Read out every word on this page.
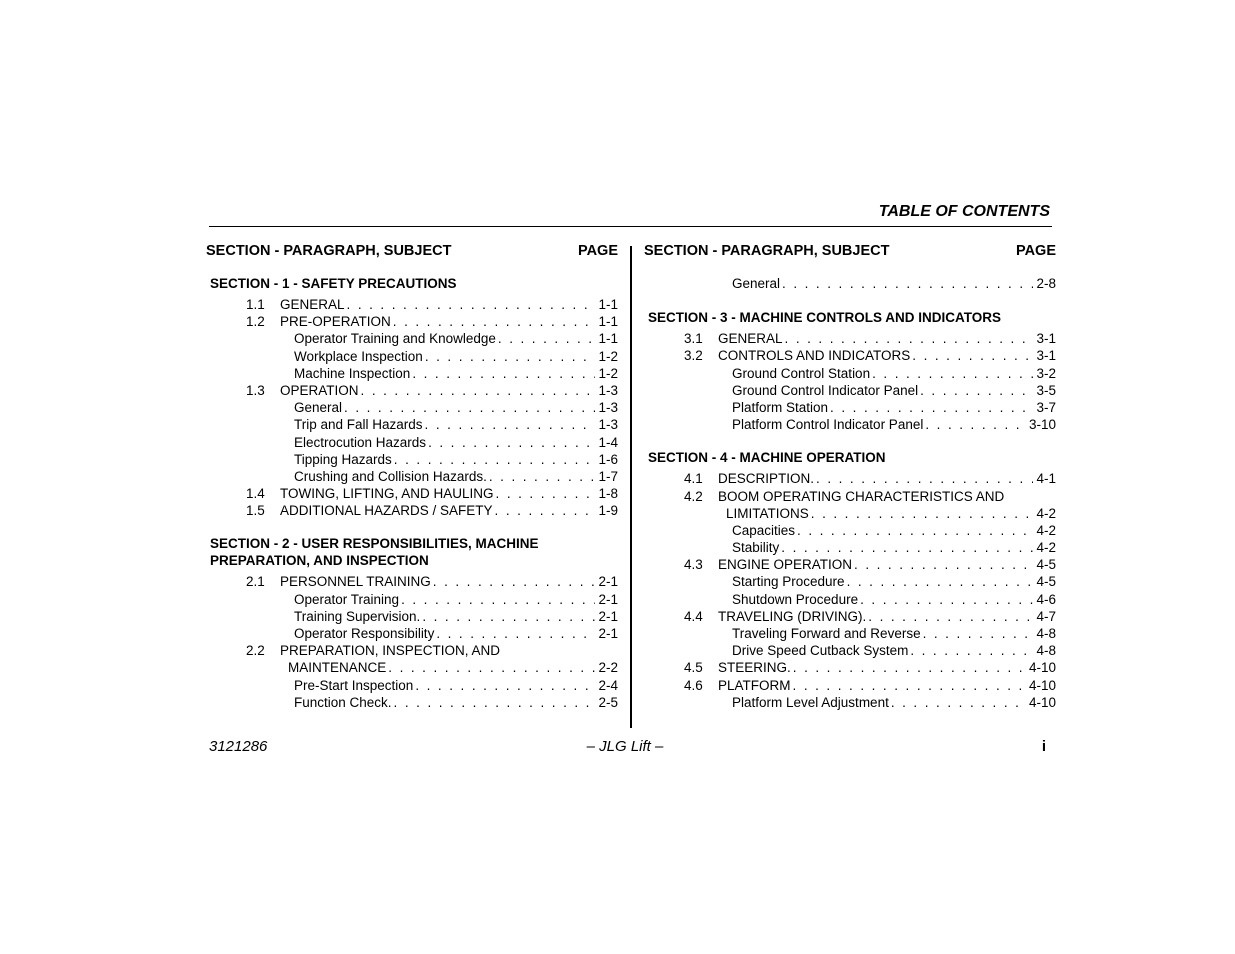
TABLE OF CONTENTS
SECTION - PARAGRAPH, SUBJECT	PAGE
SECTION - 1 - SAFETY PRECAUTIONS
1.1 GENERAL . . .	1-1
1.2 PRE-OPERATION . . .	1-1
Operator Training and Knowledge . . .	1-1
Workplace Inspection . . .	1-2
Machine Inspection . . .	1-2
1.3 OPERATION . . .	1-3
General . . .	1-3
Trip and Fall Hazards . . .	1-3
Electrocution Hazards . . .	1-4
Tipping Hazards . . .	1-6
Crushing and Collision Hazards. . . .	1-7
1.4 TOWING, LIFTING, AND HAULING . . .	1-8
1.5 ADDITIONAL HAZARDS / SAFETY . . .	1-9
SECTION - 2 - USER RESPONSIBILITIES, MACHINE
PREPARATION, AND INSPECTION
2.1 PERSONNEL TRAINING . . .	2-1
Operator Training . . .	2-1
Training Supervision. . . .	2-1
Operator Responsibility . . .	2-1
2.2 PREPARATION, INSPECTION, AND
MAINTENANCE . . .	2-2
Pre-Start Inspection . . .	2-4
Function Check. . . .	2-5
SECTION - PARAGRAPH, SUBJECT	PAGE
General . . .	2-8
SECTION - 3 - MACHINE CONTROLS AND INDICATORS
3.1 GENERAL . . .	3-1
3.2 CONTROLS AND INDICATORS . . .	3-1
Ground Control Station . . .	3-2
Ground Control Indicator Panel . . .	3-5
Platform Station . . .	3-7
Platform Control Indicator Panel . . .	3-10
SECTION - 4 - MACHINE OPERATION
4.1 DESCRIPTION. . . .	4-1
4.2 BOOM OPERATING CHARACTERISTICS AND
LIMITATIONS . . .	4-2
Capacities . . .	4-2
Stability . . .	4-2
4.3 ENGINE OPERATION . . .	4-5
Starting Procedure . . .	4-5
Shutdown Procedure . . .	4-6
4.4 TRAVELING (DRIVING). . . .	4-7
Traveling Forward and Reverse . . .	4-8
Drive Speed Cutback System . . .	4-8
4.5 STEERING. . . .	4-10
4.6 PLATFORM . . .	4-10
Platform Level Adjustment . . .	4-10
3121286	– JLG Lift –	i
